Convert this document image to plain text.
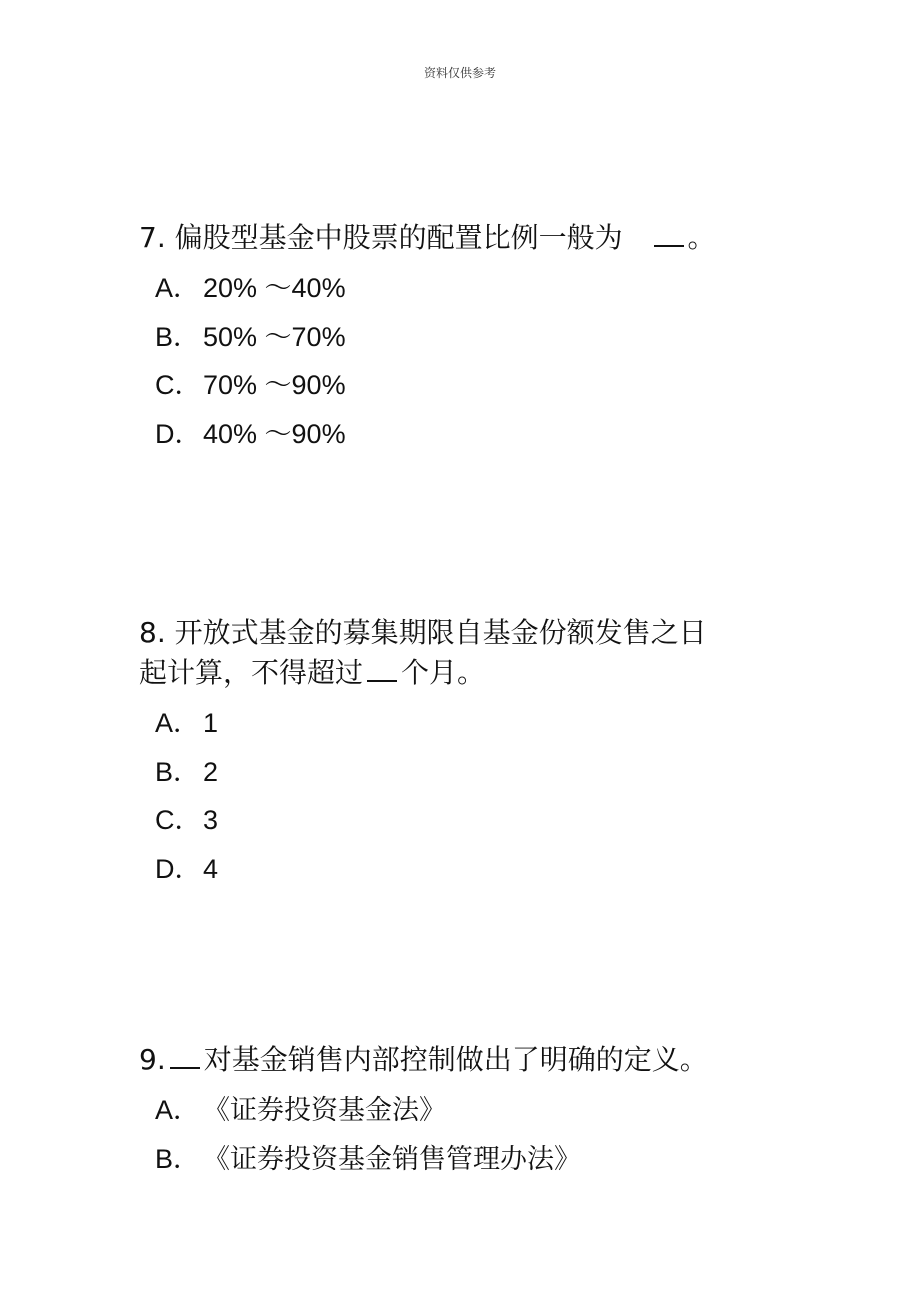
资料仅供参考
7. 偏股型基金中股票的配置比例一般为 。
A． 20% ～40%
B． 50% ～70%
C．70% ～90%
D．40% ～90%
8. 开放式基金的募集期限自基金份额发售之日
起计算，不得超过 个月。
A． 1
B． 2
C．3
D．4
9. 对基金销售内部控制做出了明确的定义。
A． 《证券投资基金法》
B． 《证券投资基金销售管理办法》
